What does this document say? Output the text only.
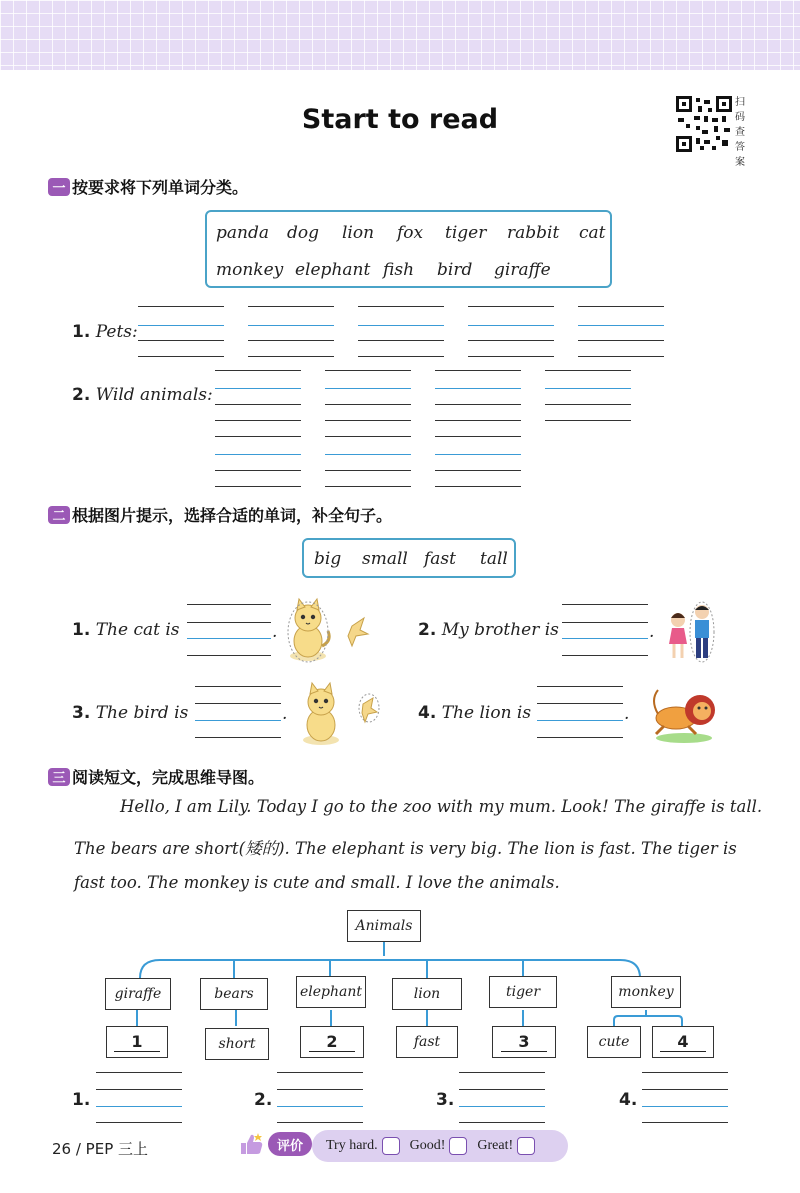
Start to read
扫码查答案
一 按要求将下列单词分类。
panda dog lion fox tiger rabbit cat
monkey elephant fish bird giraffe
1. Pets:
2. Wild animals:
二 根据图片提示，选择合适的单词，补全句子。
big small fast tall
1. The cat is	.	2. My brother is	.
3. The bird is	.	4. The lion is	.
三 阅读短文，完成思维导图。
Hello, I am Lily. Today I go to the zoo with my mum. Look! The giraffe is tall.
The bears are short(矮的). The elephant is very big. The lion is fast. The tiger is
fast too. The monkey is cute and small. I love the animals.
Animals
giraffe	bears	elephant	lion	tiger	monkey
1	short	2	fast	3	cute	4
1.	2.	3.	4.
26 / PEP 三上	Try hard. Good! Great!
评价
